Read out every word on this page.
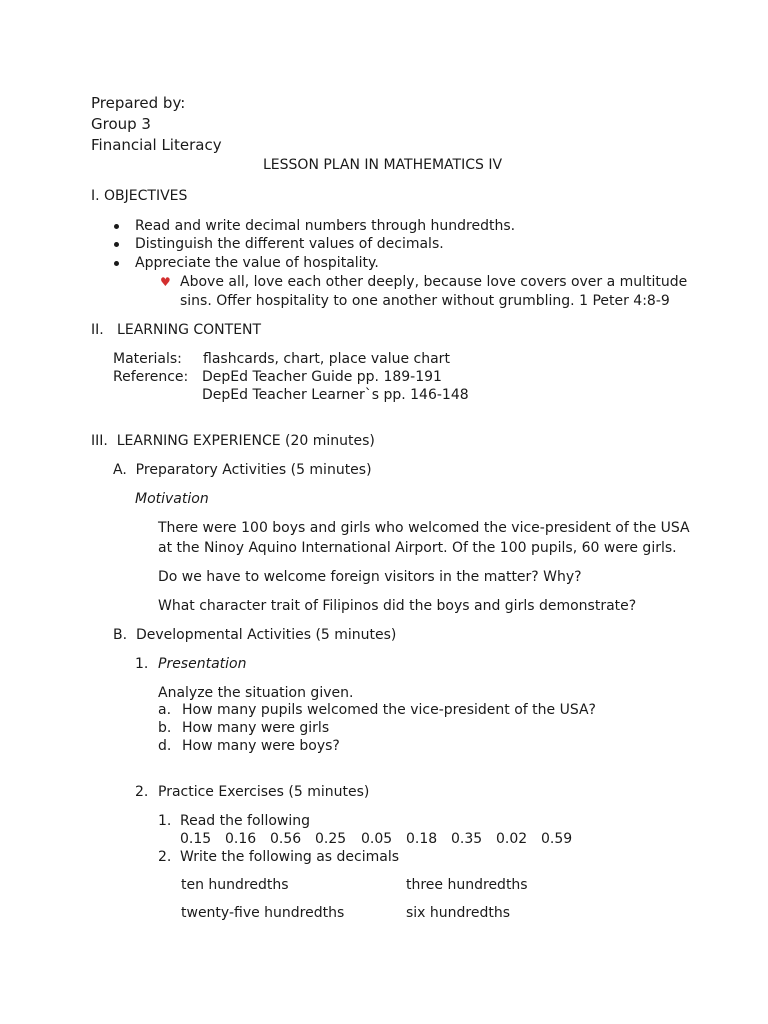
Prepared by:
Group 3
Financial Literacy
LESSON PLAN IN MATHEMATICS IV
I. OBJECTIVES
Read and write decimal numbers through hundredths.
Distinguish the different values of decimals.
Appreciate the value of hospitality.
♥ Above all, love each other deeply, because love covers over a multitude
sins. Offer hospitality to one another without grumbling. 1 Peter 4:8-9
II.   LEARNING CONTENT
Materials: flashcards, chart, place value chart
Reference: DepEd Teacher Guide pp. 189-191
DepEd Teacher Learner`s pp. 146-148
III.  LEARNING EXPERIENCE (20 minutes)
A.  Preparatory Activities (5 minutes)
Motivation
There were 100 boys and girls who welcomed the vice-president of the USA
at the Ninoy Aquino International Airport. Of the 100 pupils, 60 were girls.
Do we have to welcome foreign visitors in the matter? Why?
What character trait of Filipinos did the boys and girls demonstrate?
B.  Developmental Activities (5 minutes)
1. Presentation
Analyze the situation given.
a. How many pupils welcomed the vice-president of the USA?
b. How many were girls
d. How many were boys?
2. Practice Exercises (5 minutes)
1. Read the following
0.15 0.16 0.56 0.25 0.05 0.18 0.35 0.02 0.59
2. Write the following as decimals
ten hundredths	three hundredths
twenty-five hundredths	six hundredths
